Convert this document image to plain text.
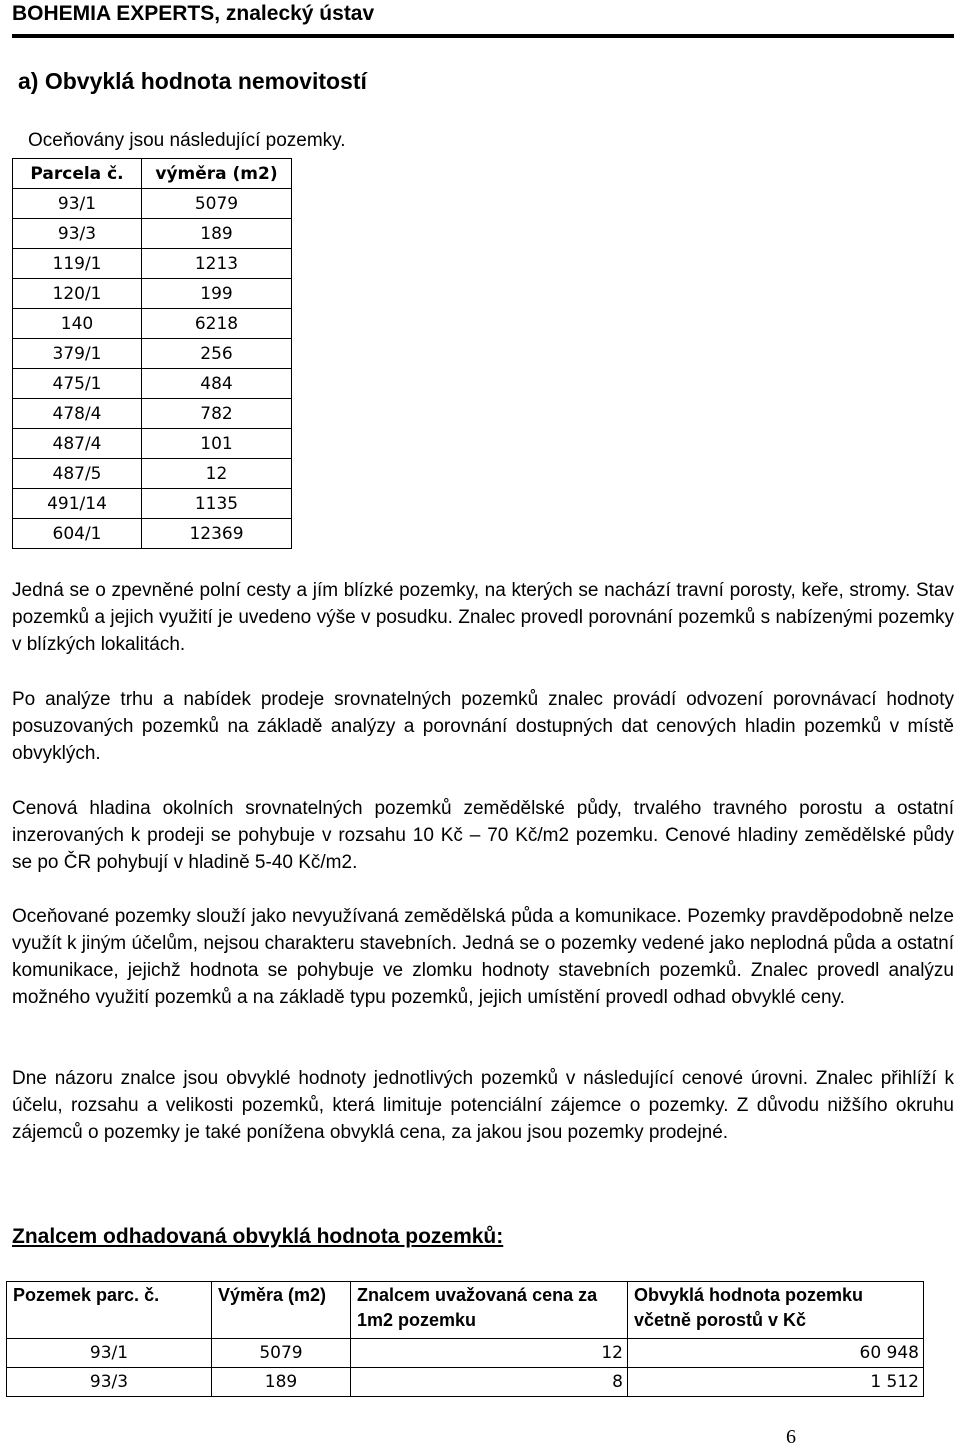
BOHEMIA EXPERTS, znalecký ústav
a) Obvyklá hodnota nemovitostí
Oceňovány jsou následující pozemky.
Parcela č.	výměra (m2)
93/1	5079
93/3	189
119/1	1213
120/1	199
140	6218
379/1	256
475/1	484
478/4	782
487/4	101
487/5	12
491/14	1135
604/1	12369

Jedná se o zpevněné polní cesty a jím blízké pozemky, na kterých se nachází travní porosty, keře, stromy. Stav pozemků a jejich využití je uvedeno výše v posudku. Znalec provedl porovnání pozemků s nabízenými pozemky v blízkých lokalitách.

Po analýze trhu a nabídek prodeje srovnatelných pozemků znalec provádí odvození porovnávací hodnoty posuzovaných pozemků na základě analýzy a porovnání dostupných dat cenových hladin pozemků v místě obvyklých.

Cenová hladina okolních srovnatelných pozemků zemědělské půdy, trvalého travného porostu a ostatní inzerovaných k prodeji se pohybuje v rozsahu 10 Kč – 70 Kč/m2 pozemku. Cenové hladiny zemědělské půdy se po ČR pohybují v hladině 5-40 Kč/m2.

Oceňované pozemky slouží jako nevyužívaná zemědělská půda a komunikace. Pozemky pravděpodobně nelze využít k jiným účelům, nejsou charakteru stavebních. Jedná se o pozemky vedené jako neplodná půda a ostatní komunikace, jejichž hodnota se pohybuje ve zlomku hodnoty stavebních pozemků. Znalec provedl analýzu možného využití pozemků a na základě typu pozemků, jejich umístění provedl odhad obvyklé ceny.

Dne názoru znalce jsou obvyklé hodnoty jednotlivých pozemků v následující cenové úrovni. Znalec přihlíží k účelu, rozsahu a velikosti pozemků, která limituje potenciální zájemce o pozemky. Z důvodu nižšího okruhu zájemců o pozemky je také ponížena obvyklá cena, za jakou jsou pozemky prodejné.

Znalcem odhadovaná obvyklá hodnota pozemků:
Pozemek parc. č.	Výměra (m2)	Znalcem uvažovaná cena za 1m2 pozemku	Obvyklá hodnota pozemku včetně porostů v Kč
93/1	5079	12	60 948
93/3	189	8	1 512
6
